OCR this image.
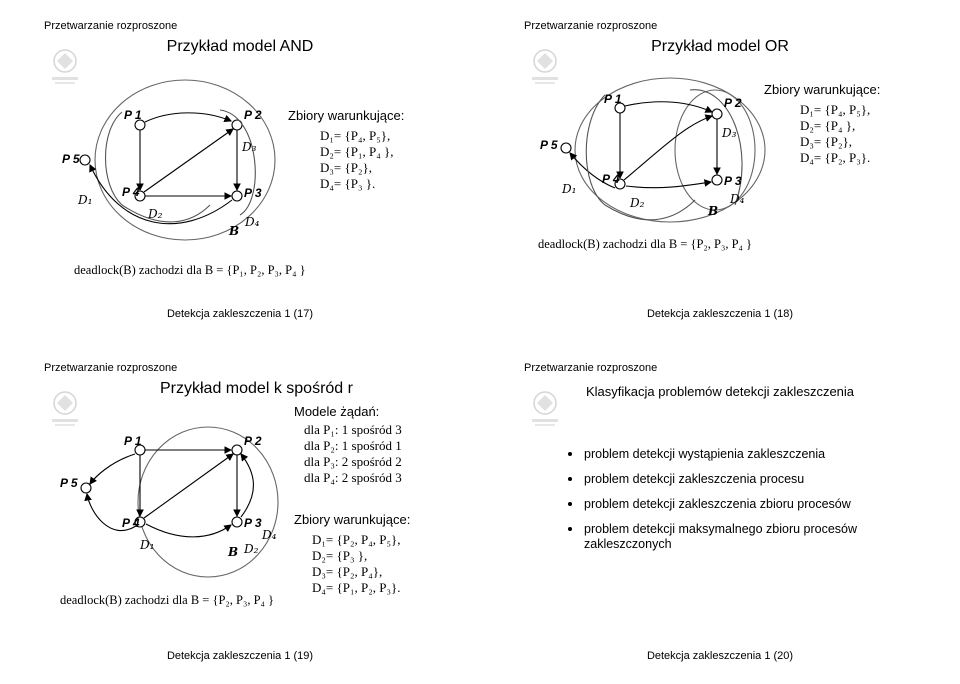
Przetwarzanie rozproszone
Przykład model AND
P 1	P 2
P 4	P 3
P 5
D₁
D₂
D₃
D₄
B
Zbiory warunkujące:
D₁= {P₄, P₅},
D₂= {P₁, P₄ },
D₃= {P₂},
D₄= {P₃ }.
deadlock(B) zachodzi dla B = {P₁, P₂, P₃, P₄ }
Detekcja zakleszczenia 1 (17)
Przetwarzanie rozproszone
Przykład model OR
P 1	P 2
P 4	P 3
P 5
D₁
D₂
D₃
D₄
B
Zbiory warunkujące:
D₁= {P₄, P₅},
D₂= {P₄ },
D₃= {P₂},
D₄= {P₂, P₃}.
deadlock(B) zachodzi dla B = {P₂, P₃, P₄ }
Detekcja zakleszczenia 1 (18)
Przetwarzanie rozproszone
Przykład model k spośród r
P 1	P 2
P 4	P 3
P 5
D₁	D₂
D₄
B
Modele żądań:
dla P₁: 1 spośród 3
dla P₂: 1 spośród 1
dla P₃: 2 spośród 2
dla P₄: 2 spośród 3
Zbiory warunkujące:
D₁= {P₂, P₄, P₅},
D₂= {P₃ },
D₃= {P₂, P₄},
D₄= {P₁, P₂, P₃}.
deadlock(B) zachodzi dla B = {P₂, P₃, P₄ }
Detekcja zakleszczenia 1 (19)
Przetwarzanie rozproszone
Klasyfikacja problemów detekcji zakleszczenia
problem detekcji wystąpienia zakleszczenia
problem detekcji zakleszczenia procesu
problem detekcji zakleszczenia zbioru procesów
problem detekcji maksymalnego zbioru procesów zakleszczonych
Detekcja zakleszczenia 1 (20)
